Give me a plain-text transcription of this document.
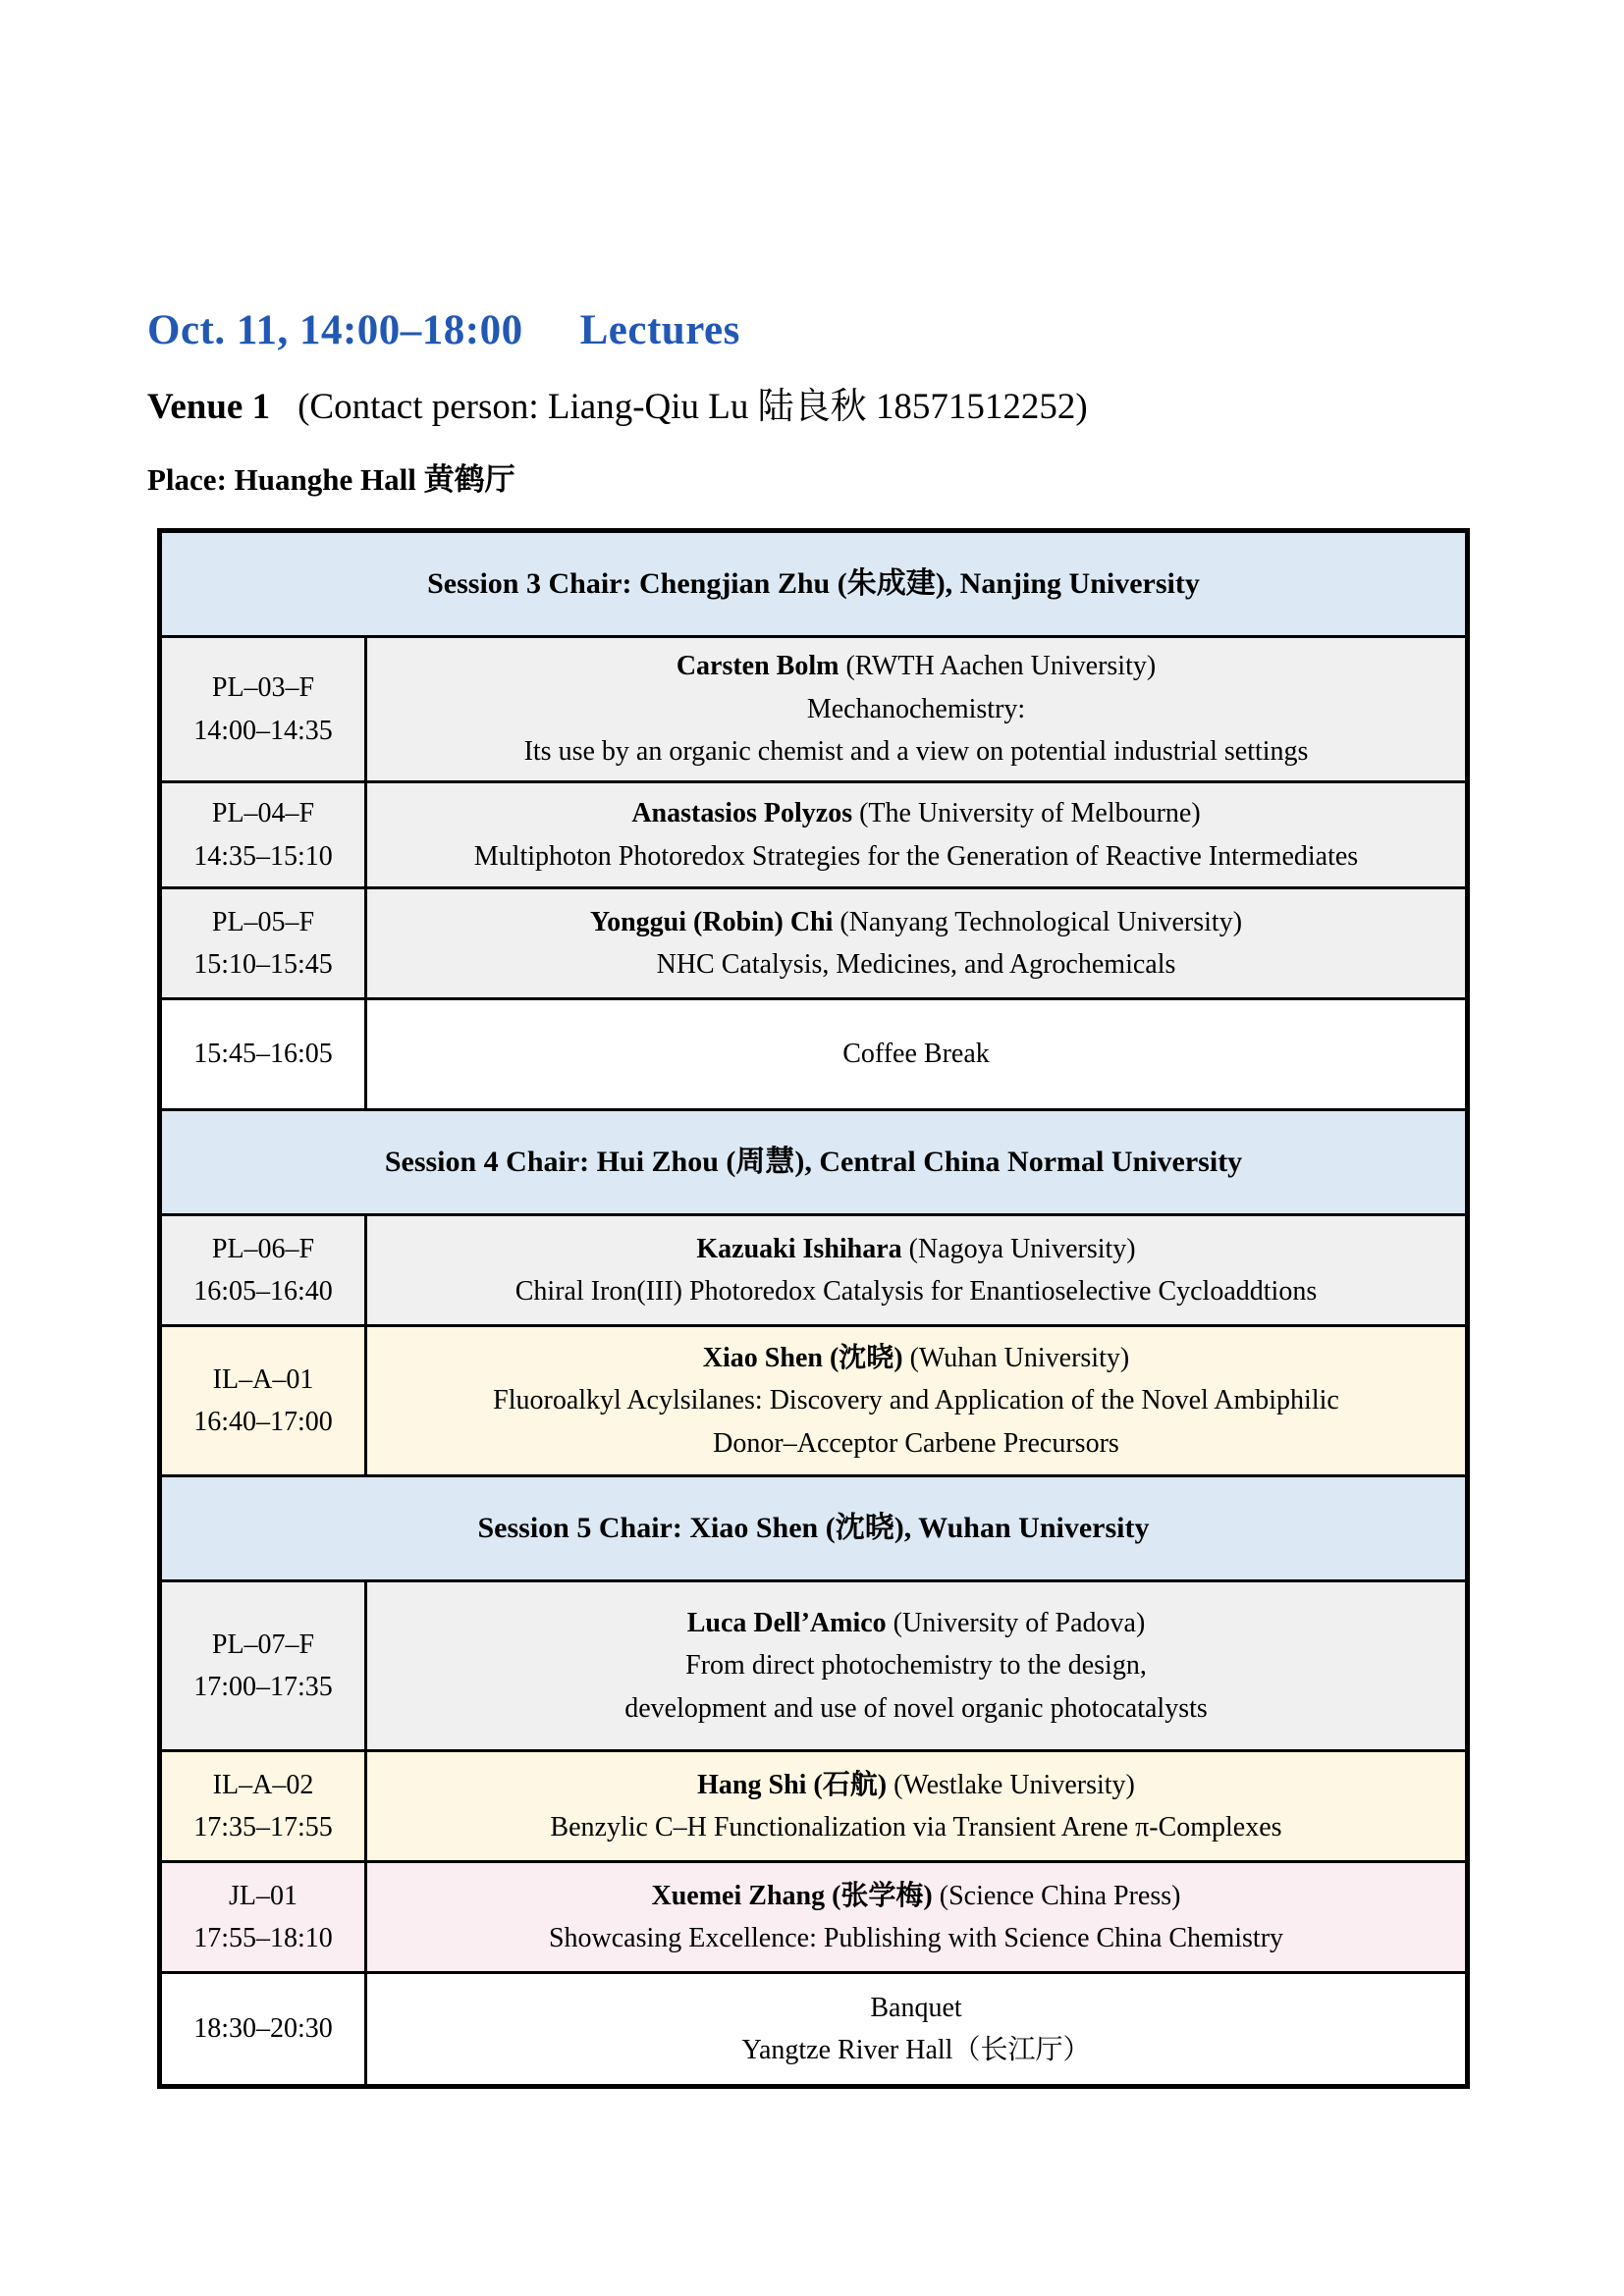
Oct. 11, 14:00–18:00 Lectures
Venue 1 (Contact person: Liang-Qiu Lu 陆良秋 18571512252)
Place: Huanghe Hall 黄鹤厅
Session 3 Chair: Chengjian Zhu (朱成建), Nanjing University	

PL–03–F
14:00–14:35

Carsten Bolm (RWTH Aachen University)
Mechanochemistry:
Its use by an organic chemist and a view on potential industrial settings

PL–04–F
14:35–15:10

Anastasios Polyzos (The University of Melbourne)
Multiphoton Photoredox Strategies for the Generation of Reactive Intermediates

PL–05–F
15:10–15:45

Yonggui (Robin) Chi (Nanyang Technological University)
NHC Catalysis, Medicines, and Agrochemicals

15:45–16:05	Coffee Break
Session 4 Chair: Hui Zhou (周慧), Central China Normal University	

PL–06–F
16:05–16:40

Kazuaki Ishihara (Nagoya University)
Chiral Iron(III) Photoredox Catalysis for Enantioselective Cycloaddtions

IL–A–01
16:40–17:00

Xiao Shen (沈晓) (Wuhan University)
Fluoroalkyl Acylsilanes: Discovery and Application of the Novel Ambiphilic
Donor–Acceptor Carbene Precursors

Session 5 Chair: Xiao Shen (沈晓), Wuhan University	

PL–07–F
17:00–17:35

Luca Dell’Amico (University of Padova)
From direct photochemistry to the design,
development and use of novel organic photocatalysts

IL–A–02
17:35–17:55

Hang Shi (石航) (Westlake University)
Benzylic C–H Functionalization via Transient Arene π-Complexes

JL–01
17:55–18:10

Xuemei Zhang (张学梅) (Science China Press)
Showcasing Excellence: Publishing with Science China Chemistry

18:30–20:30	Banquet
Yangtze River Hall（长江厅）
